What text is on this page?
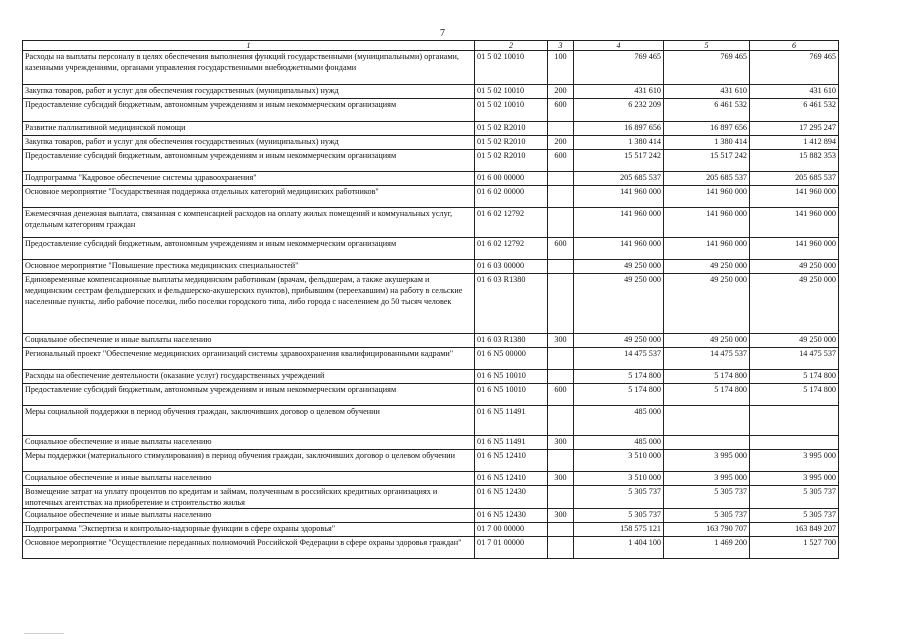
7
1	2	3	4	5	6
Расходы на выплаты персоналу в целях обеспечения выполнения функций государственными (муниципальными) органами, казенными учреждениями, органами управления государственными внебюджетными фондами	01 5 02 10010	100	769 465	769 465	769 465
Закупка товаров, работ и услуг для обеспечения государственных (муниципальных) нужд	01 5 02 10010	200	431 610	431 610	431 610
Предоставление субсидий бюджетным, автономным учреждениям и иным некоммерческим организациям	01 5 02 10010	600	6 232 209	6 461 532	6 461 532
Развитие паллиативной медицинской помощи	01 5 02 R2010		16 897 656	16 897 656	17 295 247
Закупка товаров, работ и услуг для обеспечения государственных (муниципальных) нужд	01 5 02 R2010	200	1 380 414	1 380 414	1 412 894
Предоставление субсидий бюджетным, автономным учреждениям и иным некоммерческим организациям	01 5 02 R2010	600	15 517 242	15 517 242	15 882 353
Подпрограмма "Кадровое обеспечение системы здравоохранения"	01 6 00 00000		205 685 537	205 685 537	205 685 537
Основное мероприятие "Государственная поддержка отдельных категорий медицинских работников"	01 6 02 00000		141 960 000	141 960 000	141 960 000
Ежемесячная денежная выплата, связанная с компенсацией расходов на оплату жилых помещений и коммунальных услуг, отдельным категориям граждан	01 6 02 12792		141 960 000	141 960 000	141 960 000
Предоставление субсидий бюджетным, автономным учреждениям и иным некоммерческим организациям	01 6 02 12792	600	141 960 000	141 960 000	141 960 000
Основное мероприятие "Повышение престижа медицинских специальностей"	01 6 03 00000		49 250 000	49 250 000	49 250 000
Единовременные компенсационные выплаты медицинским работникам (врачам, фельдшерам, а также акушеркам и медицинским сестрам фельдшерских и фельдшерско-акушерских пунктов), прибывшим (переехавшим) на работу в сельские населенные пункты, либо рабочие поселки, либо поселки городского типа, либо города с населением до 50 тысяч человек	01 6 03 R1380		49 250 000	49 250 000	49 250 000
Социальное обеспечение и иные выплаты населению	01 6 03 R1380	300	49 250 000	49 250 000	49 250 000
Региональный проект "Обеспечение медицинских организаций системы здравоохранения квалифицированными кадрами"	01 6 N5 00000		14 475 537	14 475 537	14 475 537
Расходы на обеспечение деятельности (оказание услуг) государственных учреждений	01 6 N5 10010		5 174 800	5 174 800	5 174 800
Предоставление субсидий бюджетным, автономным учреждениям и иным некоммерческим организациям	01 6 N5 10010	600	5 174 800	5 174 800	5 174 800
Меры социальной поддержки в период обучения граждан, заключивших договор о целевом обучении	01 6 N5 11491		485 000		
Социальное обеспечение и иные выплаты населению	01 6 N5 11491	300	485 000		
Меры поддержки (материального стимулирования) в период обучения граждан, заключивших договор о целевом обучении	01 6 N5 12410		3 510 000	3 995 000	3 995 000
Социальное обеспечение и иные выплаты населению	01 6 N5 12410	300	3 510 000	3 995 000	3 995 000
Возмещение затрат на уплату процентов по кредитам и займам, полученным в российских кредитных организациях и ипотечных агентствах на приобретение и строительство жилья	01 6 N5 12430		5 305 737	5 305 737	5 305 737
Социальное обеспечение и иные выплаты населению	01 6 N5 12430	300	5 305 737	5 305 737	5 305 737
Подпрограмма "Экспертиза и контрольно-надзорные функции в сфере охраны здоровья"	01 7 00 00000		158 575 121	163 790 707	163 849 207
Основное мероприятие "Осуществление переданных полномочий Российской Федерации в сфере охраны здоровья граждан"	01 7 01 00000		1 404 100	1 469 200	1 527 700
